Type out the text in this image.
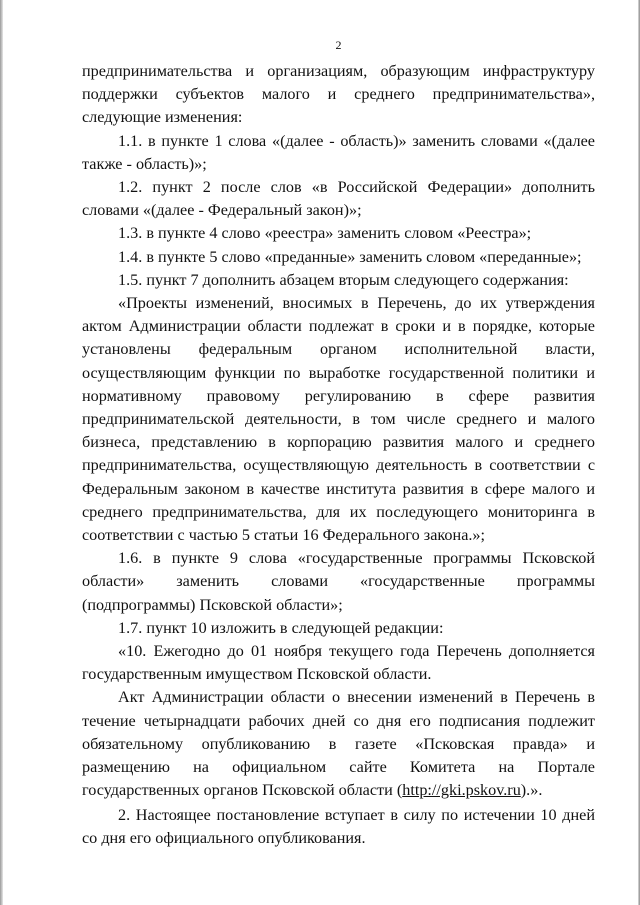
2

предпринимательства и организациям, образующим инфраструктуру поддержки субъектов малого и среднего предпринимательства», следующие изменения:

1.1. в пункте 1 слова «(далее - область)» заменить словами «(далее также - область)»;

1.2. пункт 2 после слов «в Российской Федерации» дополнить словами «(далее - Федеральный закон)»;

1.3. в пункте 4 слово «реестра» заменить словом «Реестра»;

1.4. в пункте 5 слово «преданные» заменить словом «переданные»;

1.5. пункт 7 дополнить абзацем вторым следующего содержания:

«Проекты изменений, вносимых в Перечень, до их утверждения актом Администрации области подлежат в сроки и в порядке, которые установлены федеральным органом исполнительной власти, осуществляющим функции по выработке государственной политики и нормативному правовому регулированию в сфере развития предпринимательской деятельности, в том числе среднего и малого бизнеса, представлению в корпорацию развития малого и среднего предпринимательства, осуществляющую деятельность в соответствии с Федеральным законом в качестве института развития в сфере малого и среднего предпринимательства, для их последующего мониторинга в соответствии с частью 5 статьи 16 Федерального закона.»;

1.6. в пункте 9 слова «государственные программы Псковской области» заменить словами «государственные программы (подпрограммы) Псковской области»;

1.7. пункт 10 изложить в следующей редакции:

«10. Ежегодно до 01 ноября текущего года Перечень дополняется государственным имуществом Псковской области.

Акт Администрации области о внесении изменений в Перечень в течение четырнадцати рабочих дней со дня его подписания подлежит обязательному опубликованию в газете «Псковская правда» и размещению на официальном сайте Комитета на Портале государственных органов Псковской области (http://gki.pskov.ru).».

2. Настоящее постановление вступает в силу по истечении 10 дней со дня его официального опубликования.
